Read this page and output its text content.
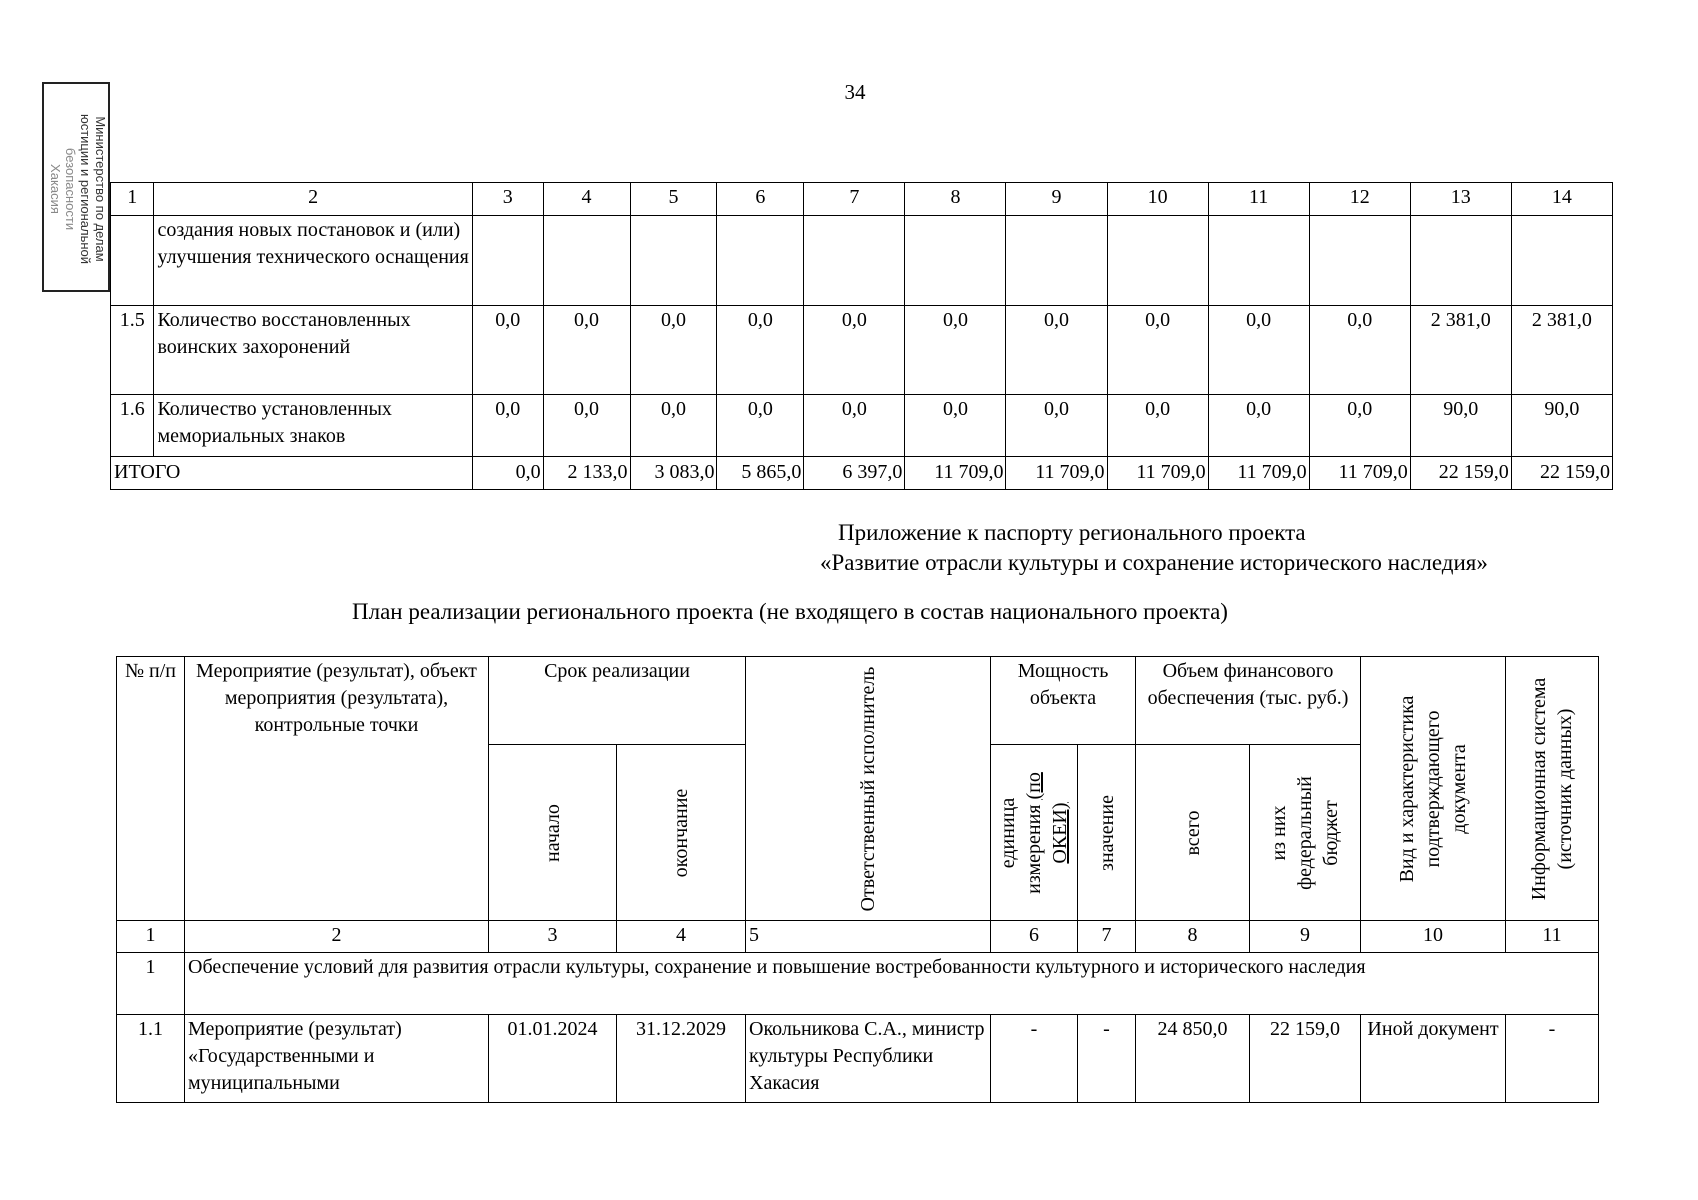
34
Министерство по делам
юстиции и региональной
безопасности
Хакасия	1	2	3	4	5	6	7	8	9	10	11	12	13	14
	создания новых постановок и (или) улучшения технического оснащения												
1.5	Количество восстановленных воинских захоронений	0,0	0,0	0,0	0,0	0,0	0,0	0,0	0,0	0,0	0,0	2 381,0	2 381,0
1.6	Количество установленных мемориальных знаков	0,0	0,0	0,0	0,0	0,0	0,0	0,0	0,0	0,0	0,0	90,0	90,0
ИТОГО		0,0	2 133,0	3 083,0	5 865,0	6 397,0	11 709,0	11 709,0	11 709,0	11 709,0	11 709,0	22 159,0	22 159,0
Приложение к паспорту регионального проекта
«Развитие отрасли культуры и сохранение исторического наследия»
План реализации регионального проекта (не входящего в состав национального проекта)
№ п/п	Мероприятие (результат), объект мероприятия (результата), контрольные точки	Срок реализации		Ответственный исполнитель	Мощность объекта		Объем финансового обеспечения (тыс. руб.)		Вид и характеристика подтверждающего документа	Информационная система (источник данных)

		начало	окончание		единица измерения (по ОКЕИ)	значение	всего	из них федеральный бюджет		

1	2	3	4	5	6	7	8	9	10	11
1	Обеспечение условий для развития отрасли культуры, сохранение и повышение востребованности культурного и исторического наследия									
1.1	Мероприятие (результат) «Государственными и муниципальными	01.01.2024	31.12.2029	Окольникова С.А., министр культуры Республики Хакасия	-	-	24 850,0	22 159,0	Иной документ	-
